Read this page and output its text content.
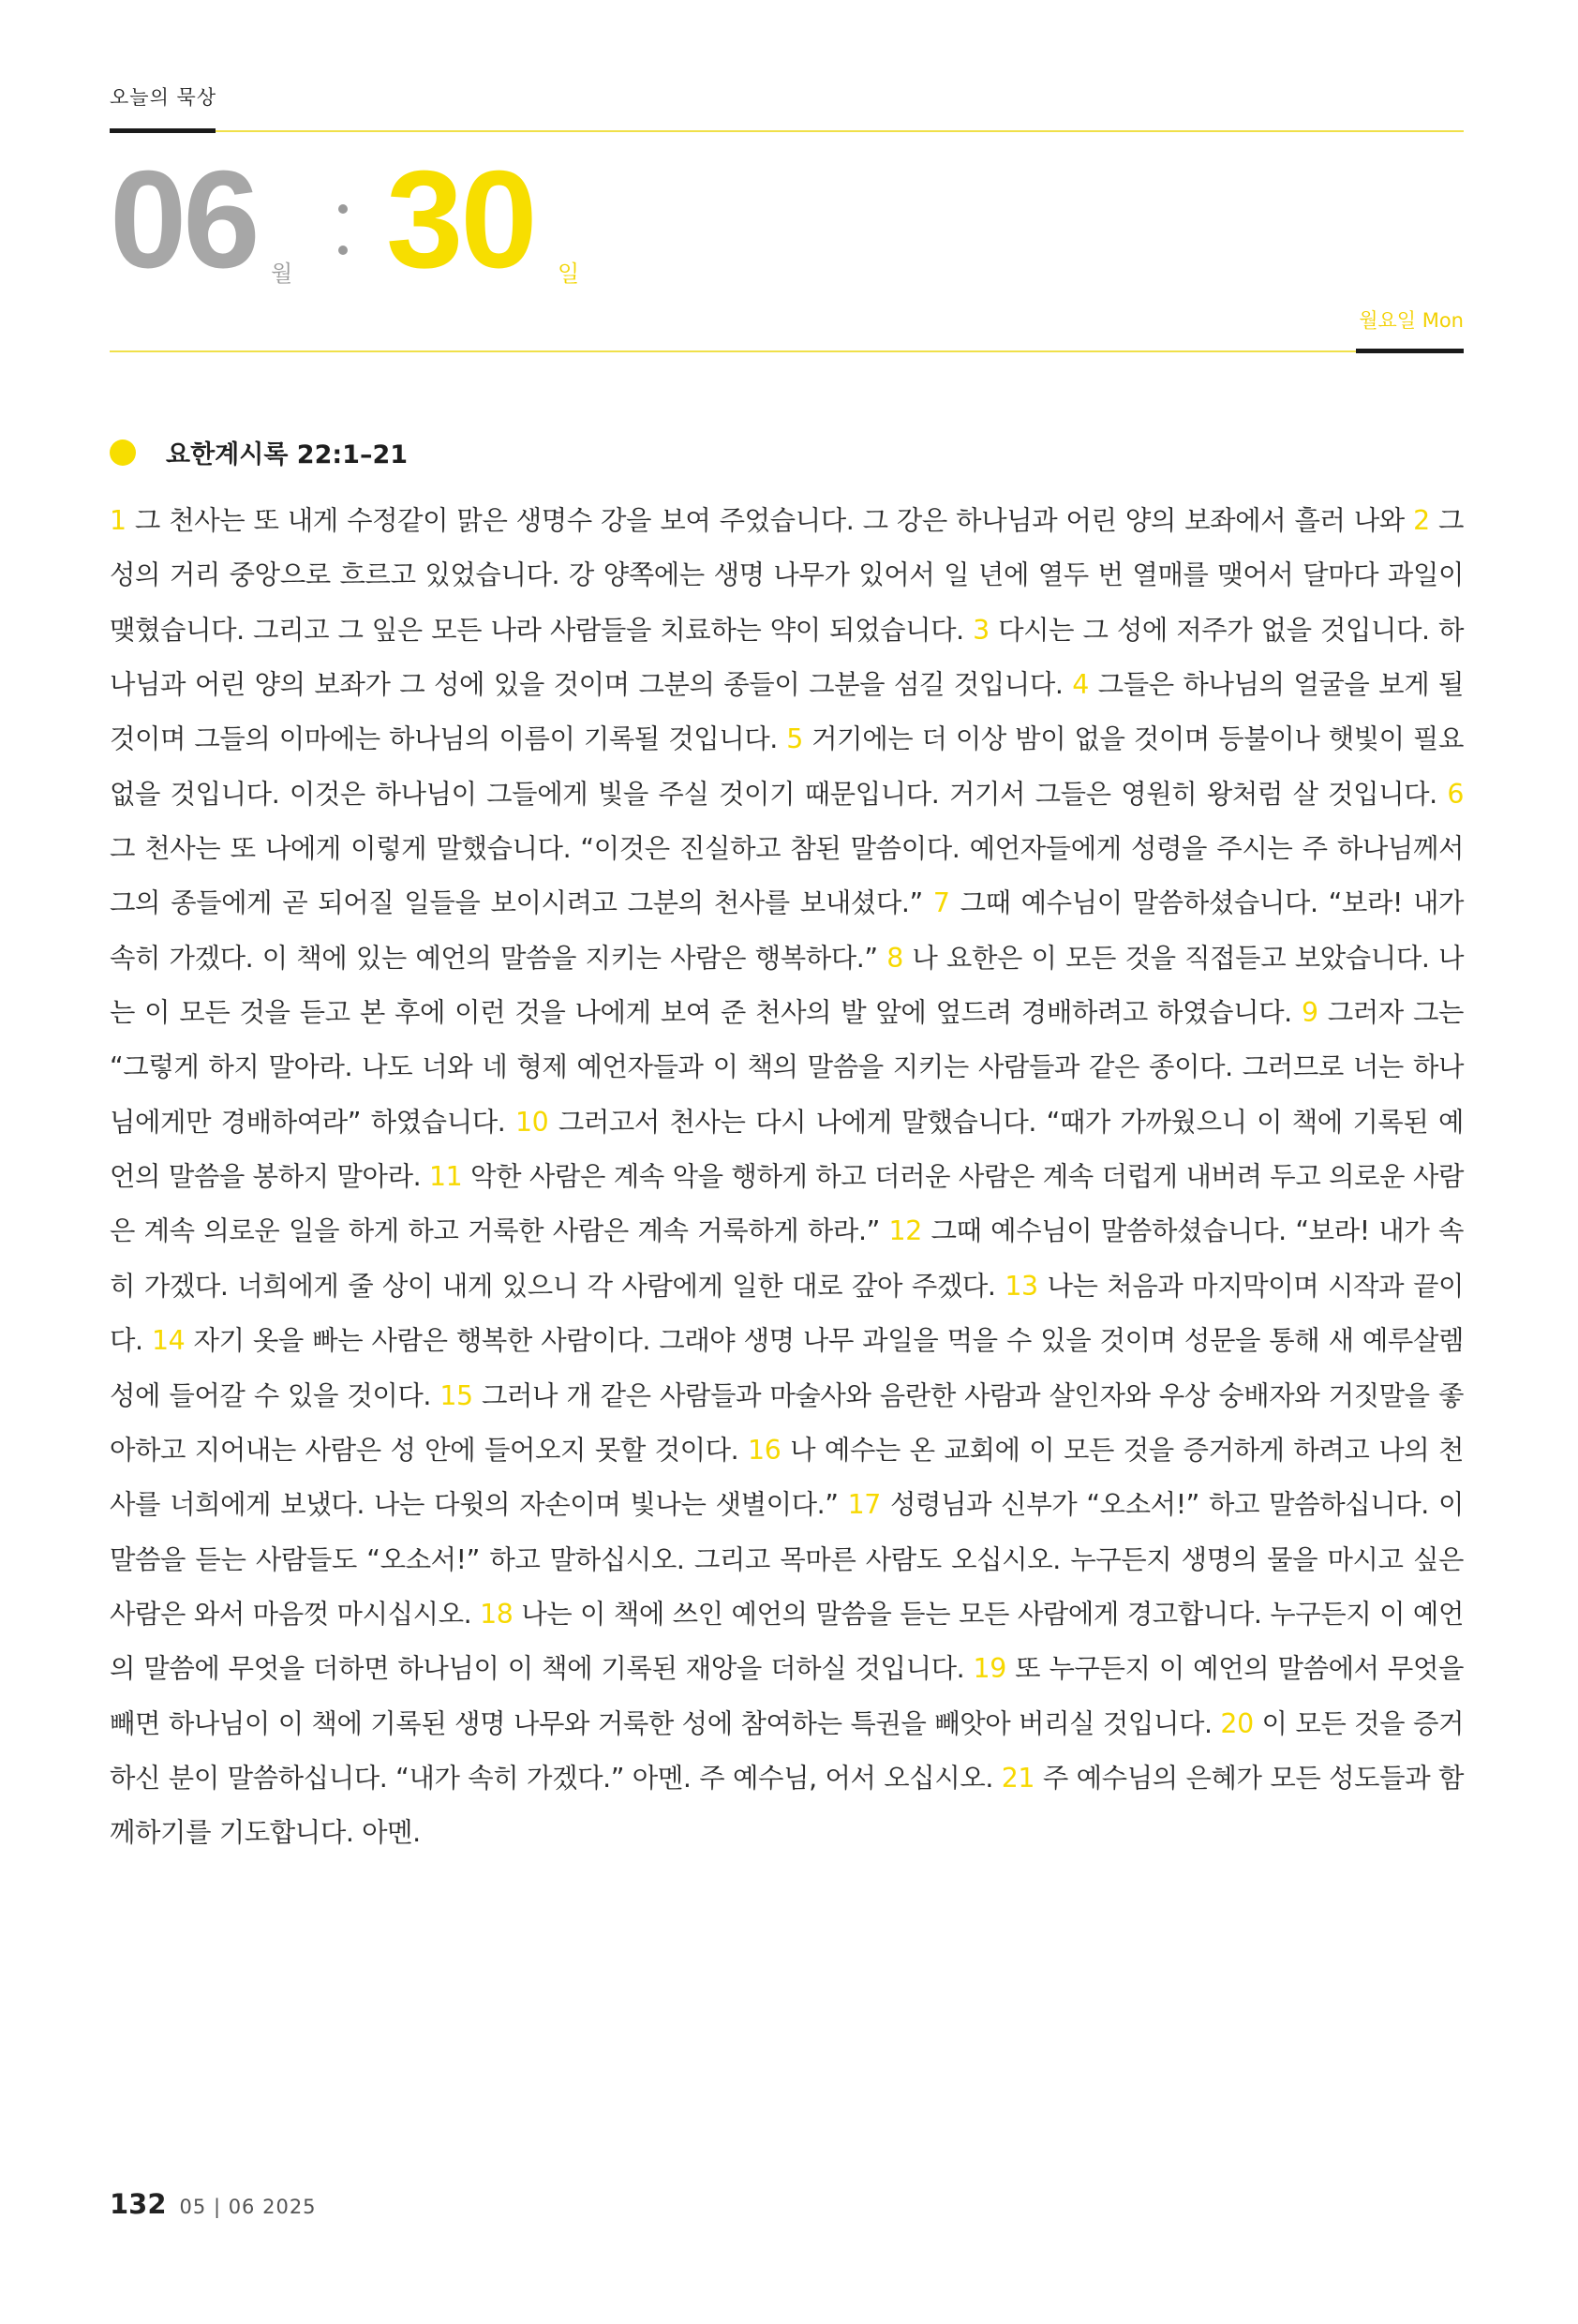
오늘의 묵상
06 월 30 일
월요일 Mon
요한계시록 22:1–21

1 그 천사는 또 내게 수정같이 맑은 생명수 강을 보여 주었습니다. 그 강은 하나님과 어린 양의 보좌에서 흘러 나와 2 그 성의 거리 중앙으로 흐르고 있었습니다. 강 양쪽에는 생명 나무가 있어서 일 년에 열두 번 열매를 맺어서 달마다 과일이 맺혔습니다. 그리고 그 잎은 모든 나라 사람들을 치료하는 약이 되었습니다. 3 다시는 그 성에 저주가 없을 것입니다. 하나님과 어린 양의 보좌가 그 성에 있을 것이며 그분의 종들이 그분을 섬길 것입니다. 4 그들은 하나님의 얼굴을 보게 될 것이며 그들의 이마에는 하나님의 이름이 기록될 것입니다. 5 거기에는 더 이상 밤이 없을 것이며 등불이나 햇빛이 필요 없을 것입니다. 이것은 하나님이 그들에게 빛을 주실 것이기 때문입니다. 거기서 그들은 영원히 왕처럼 살 것입니다. 6 그 천사는 또 나에게 이렇게 말했습니다. “이것은 진실하고 참된 말씀이다. 예언자들에게 성령을 주시는 주 하나님께서 그의 종들에게 곧 되어질 일들을 보이시려고 그분의 천사를 보내셨다.” 7 그때 예수님이 말씀하셨습니다. “보라! 내가 속히 가겠다. 이 책에 있는 예언의 말씀을 지키는 사람은 행복하다.” 8 나 요한은 이 모든 것을 직접듣고 보았습니다. 나는 이 모든 것을 듣고 본 후에 이런 것을 나에게 보여 준 천사의 발 앞에 엎드려 경배하려고 하였습니다. 9 그러자 그는 “그렇게 하지 말아라. 나도 너와 네 형제 예언자들과 이 책의 말씀을 지키는 사람들과 같은 종이다. 그러므로 너는 하나님에게만 경배하여라” 하였습니다. 10 그러고서 천사는 다시 나에게 말했습니다. “때가 가까웠으니 이 책에 기록된 예언의 말씀을 봉하지 말아라. 11 악한 사람은 계속 악을 행하게 하고 더러운 사람은 계속 더럽게 내버려 두고 의로운 사람은 계속 의로운 일을 하게 하고 거룩한 사람은 계속 거룩하게 하라.” 12 그때 예수님이 말씀하셨습니다. “보라! 내가 속히 가겠다. 너희에게 줄 상이 내게 있으니 각 사람에게 일한 대로 갚아 주겠다. 13 나는 처음과 마지막이며 시작과 끝이다. 14 자기 옷을 빠는 사람은 행복한 사람이다. 그래야 생명 나무 과일을 먹을 수 있을 것이며 성문을 통해 새 예루살렘성에 들어갈 수 있을 것이다. 15 그러나 개 같은 사람들과 마술사와 음란한 사람과 살인자와 우상 숭배자와 거짓말을 좋아하고 지어내는 사람은 성 안에 들어오지 못할 것이다. 16 나 예수는 온 교회에 이 모든 것을 증거하게 하려고 나의 천사를 너희에게 보냈다. 나는 다윗의 자손이며 빛나는 샛별이다.” 17 성령님과 신부가 “오소서!” 하고 말씀하십니다. 이 말씀을 듣는 사람들도 “오소서!” 하고 말하십시오. 그리고 목마른 사람도 오십시오. 누구든지 생명의 물을 마시고 싶은 사람은 와서 마음껏 마시십시오. 18 나는 이 책에 쓰인 예언의 말씀을 듣는 모든 사람에게 경고합니다. 누구든지 이 예언의 말씀에 무엇을 더하면 하나님이 이 책에 기록된 재앙을 더하실 것입니다. 19 또 누구든지 이 예언의 말씀에서 무엇을 빼면 하나님이 이 책에 기록된 생명 나무와 거룩한 성에 참여하는 특권을 빼앗아 버리실 것입니다. 20 이 모든 것을 증거하신 분이 말씀하십니다. “내가 속히 가겠다.” 아멘. 주 예수님, 어서 오십시오. 21 주 예수님의 은혜가 모든 성도들과 함께하기를 기도합니다. 아멘.

132 05 | 06 2025
